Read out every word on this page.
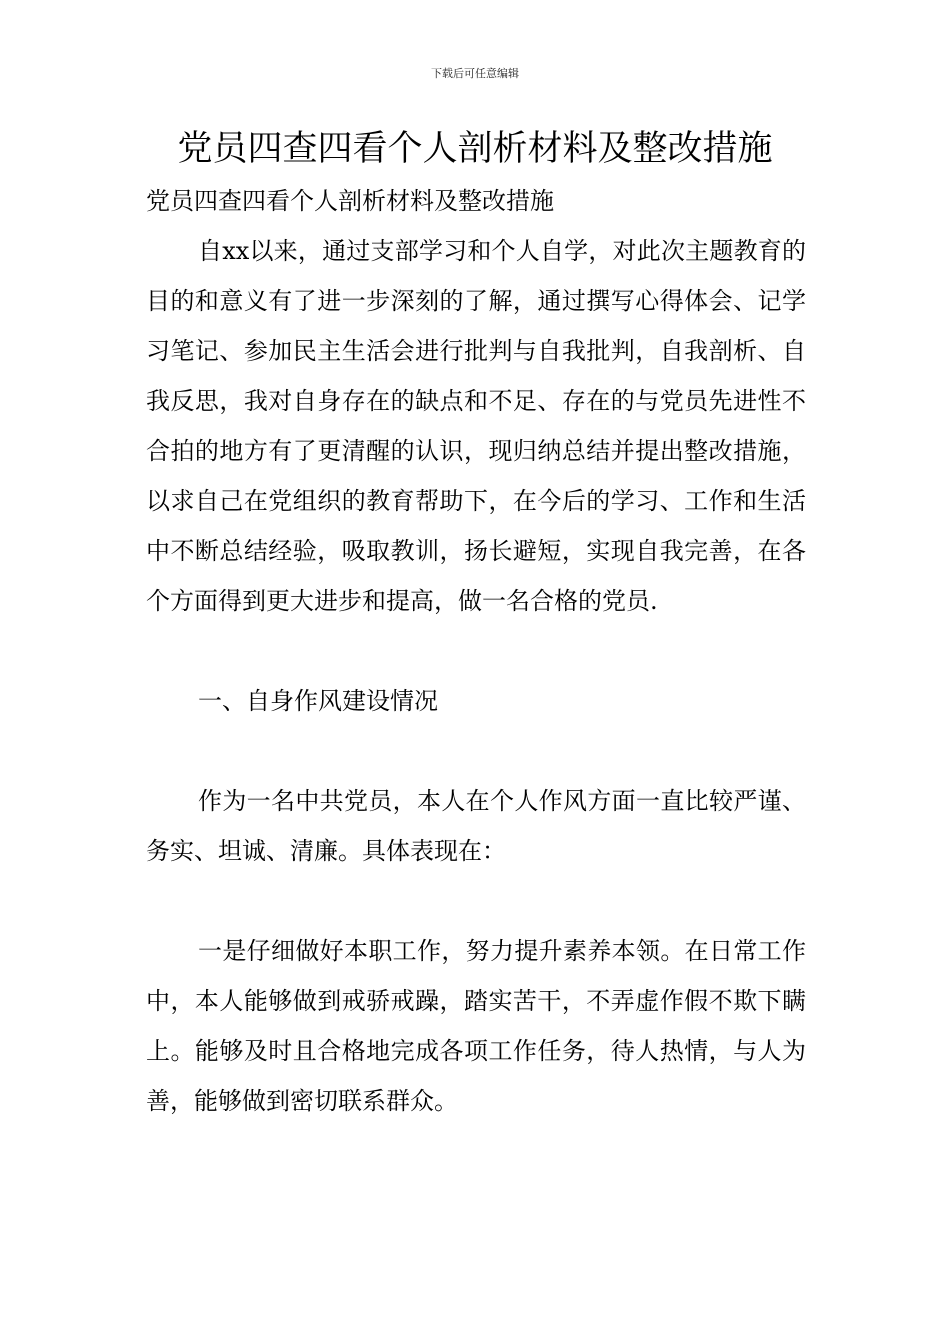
下载后可任意编辑
党员四查四看个人剖析材料及整改措施

党员四查四看个人剖析材料及整改措施

自xx以来，通过支部学习和个人自学，对此次主题教育的目的和意义有了进一步深刻的了解，通过撰写心得体会、记学习笔记、参加民主生活会进行批判与自我批判，自我剖析、自我反思，我对自身存在的缺点和不足、存在的与党员先进性不合拍的地方有了更清醒的认识，现归纳总结并提出整改措施，以求自己在党组织的教育帮助下，在今后的学习、工作和生活中不断总结经验，吸取教训，扬长避短，实现自我完善，在各个方面得到更大进步和提高，做一名合格的党员.

一、自身作风建设情况

作为一名中共党员，本人在个人作风方面一直比较严谨、务实、坦诚、清廉。具体表现在：

一是仔细做好本职工作，努力提升素养本领。在日常工作中，本人能够做到戒骄戒躁，踏实苦干，不弄虚作假不欺下瞒上。能够及时且合格地完成各项工作任务，待人热情，与人为善，能够做到密切联系群众。
